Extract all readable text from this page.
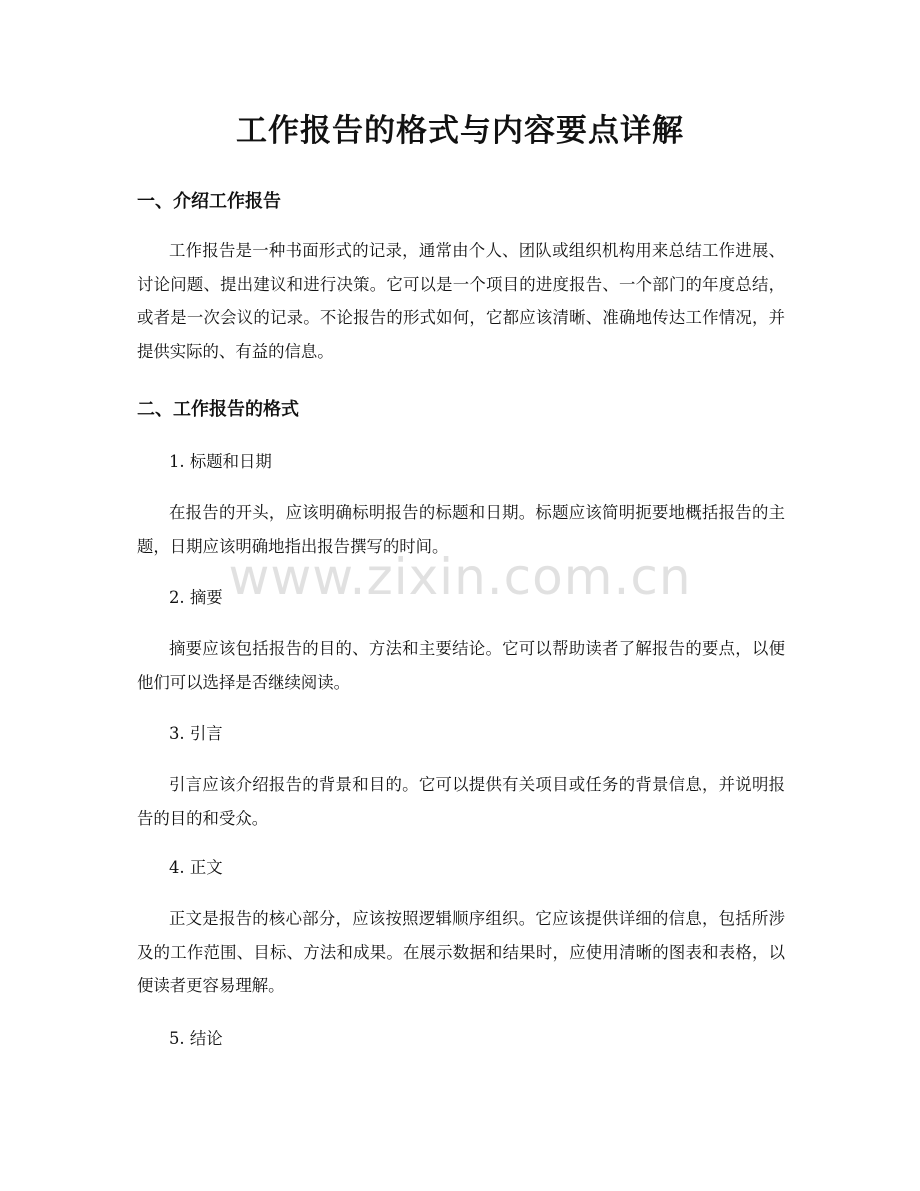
工作报告的格式与内容要点详解
一、介绍工作报告

工作报告是一种书面形式的记录，通常由个人、团队或组织机构用来总结工作进展、讨论问题、提出建议和进行决策。它可以是一个项目的进度报告、一个部门的年度总结，或者是一次会议的记录。不论报告的形式如何，它都应该清晰、准确地传达工作情况，并提供实际的、有益的信息。

二、工作报告的格式

1. 标题和日期

在报告的开头，应该明确标明报告的标题和日期。标题应该简明扼要地概括报告的主题，日期应该明确地指出报告撰写的时间。

2. 摘要

摘要应该包括报告的目的、方法和主要结论。它可以帮助读者了解报告的要点，以便他们可以选择是否继续阅读。

3. 引言

引言应该介绍报告的背景和目的。它可以提供有关项目或任务的背景信息，并说明报告的目的和受众。

4. 正文

正文是报告的核心部分，应该按照逻辑顺序组织。它应该提供详细的信息，包括所涉及的工作范围、目标、方法和成果。在展示数据和结果时，应使用清晰的图表和表格，以便读者更容易理解。

5. 结论

www.zixin.com.cn
